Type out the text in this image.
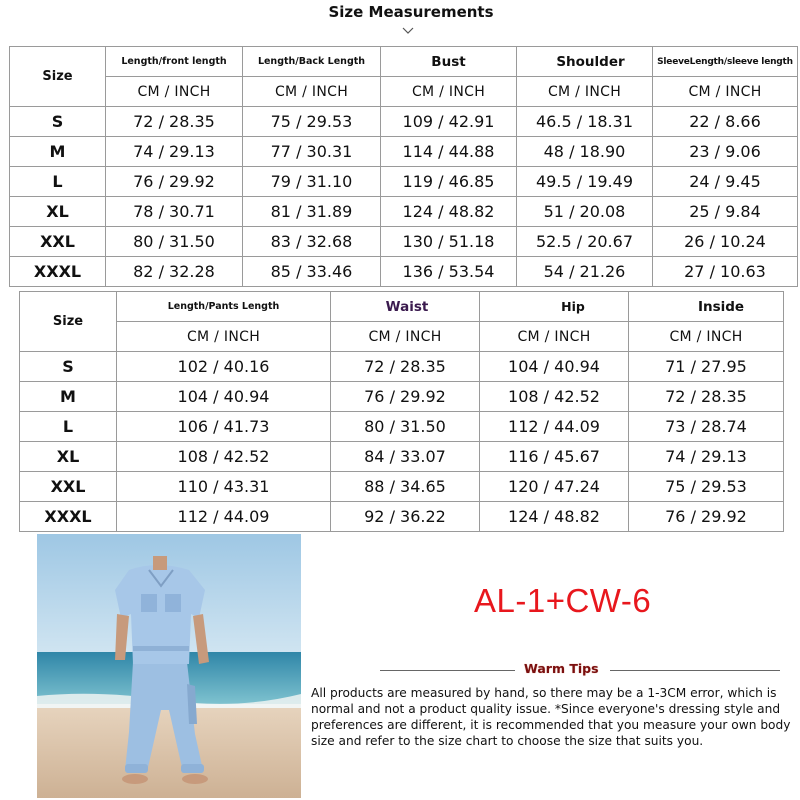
Size Measurements
Size	Length/front length	Length/Back Length	Bust	Shoulder	SleeveLength/sleeve length
	CM / INCH	CM / INCH	CM / INCH	CM / INCH	CM / INCH
S	72 / 28.35	75 / 29.53	109 / 42.91	46.5 / 18.31	22 / 8.66
M	74 / 29.13	77 / 30.31	114 / 44.88	48 / 18.90	23 / 9.06
L	76 / 29.92	79 / 31.10	119 / 46.85	49.5 / 19.49	24 / 9.45
XL	78 / 30.71	81 / 31.89	124 / 48.82	51 / 20.08	25 / 9.84
XXL	80 / 31.50	83 / 32.68	130 / 51.18	52.5 / 20.67	26 / 10.24
XXXL	82 / 32.28	85 / 33.46	136 / 53.54	54 / 21.26	27 / 10.63
Size	Length/Pants Length	Waist	Hip	Inside
	CM / INCH	CM / INCH	CM / INCH	CM / INCH
S	102 / 40.16	72 / 28.35	104 / 40.94	71 / 27.95
M	104 / 40.94	76 / 29.92	108 / 42.52	72 / 28.35
L	106 / 41.73	80 / 31.50	112 / 44.09	73 / 28.74
XL	108 / 42.52	84 / 33.07	116 / 45.67	74 / 29.13
XXL	110 / 43.31	88 / 34.65	120 / 47.24	75 / 29.53
XXXL	112 / 44.09	92 / 36.22	124 / 48.82	76 / 29.92
AL-1+CW-6
Warm Tips
All products are measured by hand, so there may be a 1-3CM error, which is normal and not a product quality issue. *Since everyone's dressing style and preferences are different, it is recommended that you measure your own body size and refer to the size chart to choose the size that suits you.
